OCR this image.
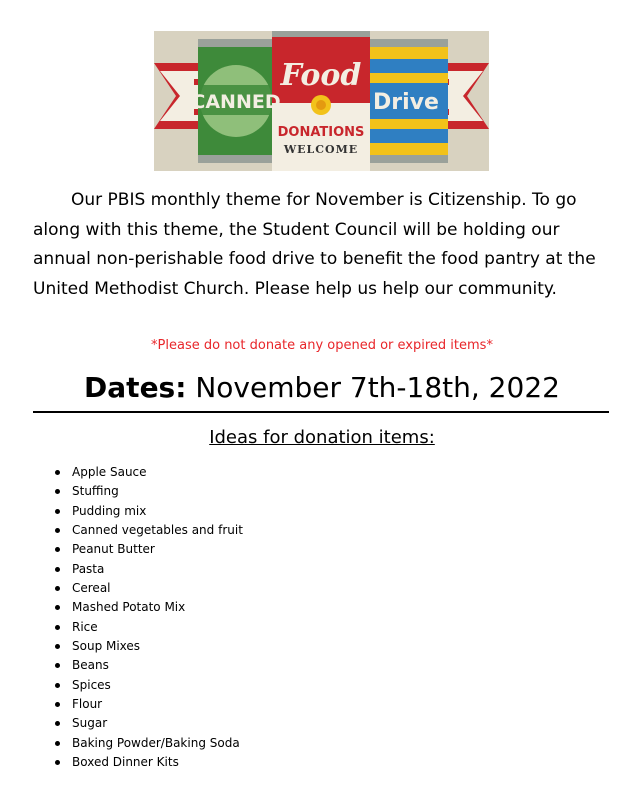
CANNED
Food
DONATIONS
WELCOME
Drive

Our PBIS monthly theme for November is Citizenship. To go along with this theme, the Student Council will be holding our annual non-perishable food drive to benefit the food pantry at the United Methodist Church. Please help us help our community.

*Please do not donate any opened or expired items*
Dates: November 7th-18th, 2022
Ideas for donation items:
Apple Sauce
Stuffing
Pudding mix
Canned vegetables and fruit
Peanut Butter
Pasta
Cereal
Mashed Potato Mix
Rice
Soup Mixes
Beans
Spices
Flour
Sugar
Baking Powder/Baking Soda
Boxed Dinner Kits
